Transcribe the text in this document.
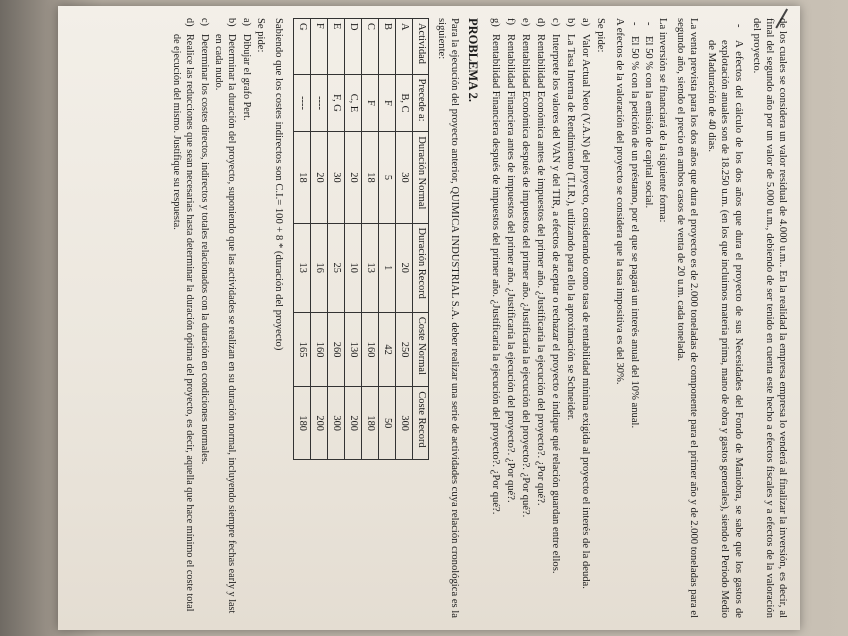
de los cuales se considera un valor residual de 4.000 u.m.. En la realidad la empresa empresa lo venderá al finalizar la inversión, es decir, al final del segundo año por un valor de 5.000 u.m., debiendo de ser tenido en cuenta este hecho a efectos fiscales y a efectos de la valoración del proyecto.

-
A efectos del cálculo de los dos años que dura el proyecto de sus Necesidades del Fondo de Maniobra, se sabe que los gastos de explotación anuales son de 18.250 u.m. (en los que incluimos materia prima, mano de obra y gastos generales), siendo el Periodo Medio de Maduración de 40 días.

La venta prevista para los dos años que dura el proyecto es de 2.000 toneladas de componente para el primer año y de 2.000 toneladas para el segundo año, siendo el precio en ambos casos de venta de 20 u.m. cada tonelada.

La inversión se financiará de la siguiente forma:

-
El 50 % con la emisión de capital social.
-
El 50 % con la petición de un préstamo, por el que se pagará un interés anual del 10% anual.

A efectos de la valoración del proyecto se considera que la tasa impositiva es del 30%.

Se pide:
a)
Valor Actual Neto (V.A.N) del proyecto, considerando como tasa de rentabilidad mínima exigida al proyecto el interés de la deuda.
b)
La Tasa Interna de Rendimiento (T.I.R.), utilizando para ello la aproximación se Schneider.
c)
Interprete los valores del VAN y del TIR, a efectos de aceptar o rechazar el proyecto e indique qué relación guardan entre ellos.
d)
Rentabilidad Económica antes de impuestos del primer año. ¿Justificaría la ejecución del proyecto?. ¿Por qué?.
e)
Rentabilidad Económica después de impuestos del primer año. ¿Justificaría la ejecución del proyecto?. ¿Por qué?.
f)
Rentabilidad Financiera antes de impuestos del primer año. ¿Justificaría la ejecución del proyecto?. ¿Por qué?.
g)
Rentabilidad Financiera después de impuestos del primer año. ¿Justificaría la ejecución del proyecto?. ¿Por qué?.
PROBLEMA 2.

Para la ejecución del proyecto anterior, QUIMICA INDUSTRIAL S.A. deber realizar una serie de actividades cuya relación cronológica es la siguiente:

Actividad	Precede a:	Duración Normal	Duración Record	Coste Normal	Coste Record
A	B, C	30	20	250	300
B	F	5	1	42	50
C	F	18	13	160	180
D	C, E	20	10	130	200
E	F, G	30	25	260	300
F	----	20	16	160	200
G	----	18	13	165	180

Sabiendo que los costes indirectos son C.I.= 100 + 8 * (duración del proyecto)

Se pide:
a)
Dibujar el grafo Pert.
b)
Determinar la duración del proyecto, suponiendo que las actividades se realizan en su duración normal, incluyendo siempre fechas early y last en cada nudo.
c)
Determinar los costes directos, indirectos y totales relacionados con la duración en condiciones normales.
d)
Realice las reducciones que sean necesarias hasta determinar la duración óptima del proyecto, es decir, aquella que hace mínimo el coste total de ejecución del mismo. Justifique su respuesta.
